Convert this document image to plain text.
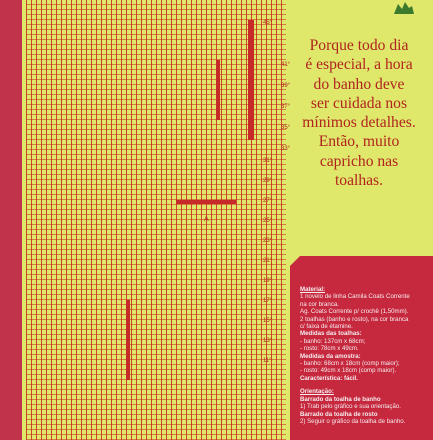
45°
41°
39°
37°
35°
33°
31°
29°
27°
25°
23°
21°
19°
17°
15°
13°
11°
A
Porque todo dia
é especial, a hora
do banho deve
ser cuidada nos
mínimos detalhes.
Então, muito
capricho nas
toalhas.
Material:
1 novelo de linha Camila Coats Corrente
na cor branca.
Ag. Coats Corrente p/ crochê (1,50mm).
2 toalhas (banho e rosto), na cor branca
c/ faixa de étamine.
Medidas das toalhas:
- banho: 137cm x 68cm;
- rosto: 78cm x 49cm.
Medidas da amostra:
- banho: 68cm x 18cm (comp maior);
- rosto: 49cm x 18cm (comp maior).
Característica: fácil.
Orientação:
Barrado da toalha de banho
1) Trab pelo gráfico e sua orientação.
Barrado da toalha de rosto
2) Seguir o gráfico da toalha de banho.
